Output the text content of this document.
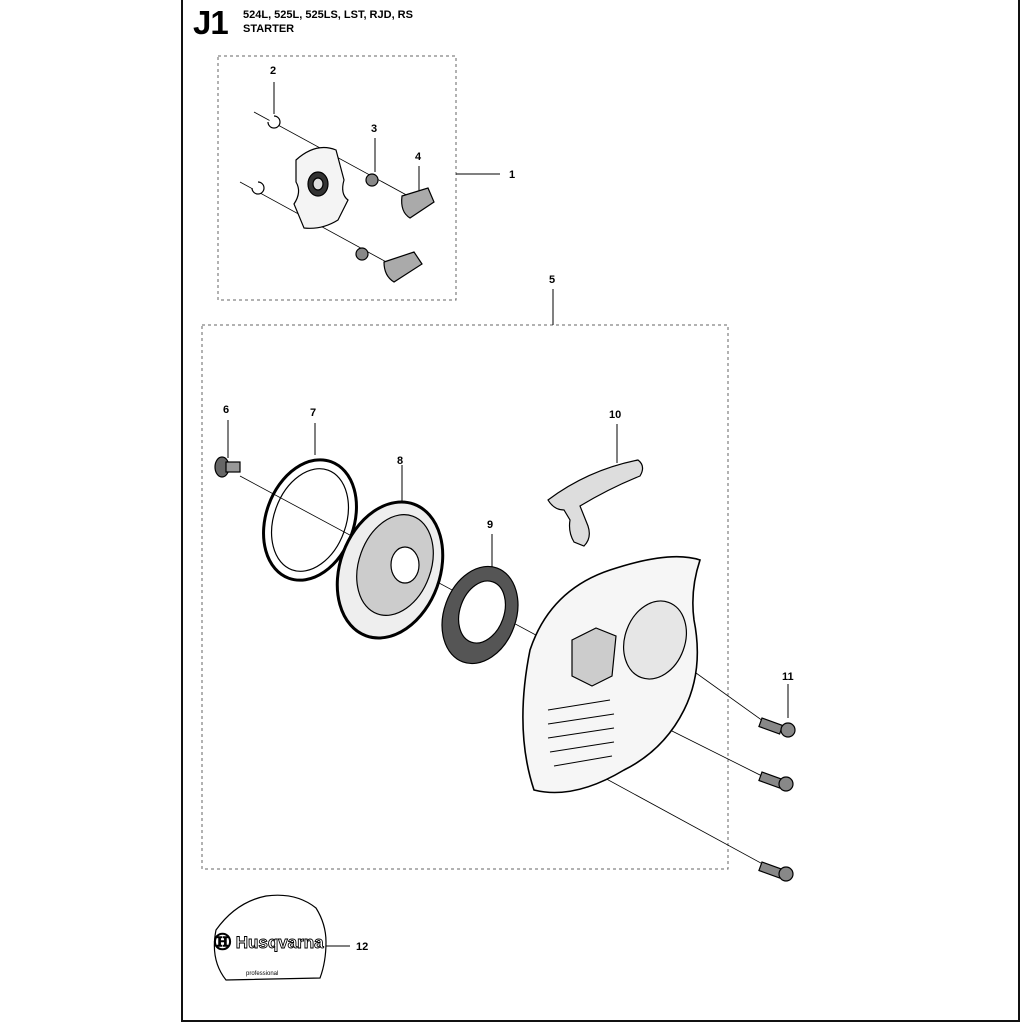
J1 524L, 525L, 525LS, LST, RJD, RS
STARTER
Ⓗ Husqvarna
professional
1
2
3
4
5
6	7
8
9
10
11
12
